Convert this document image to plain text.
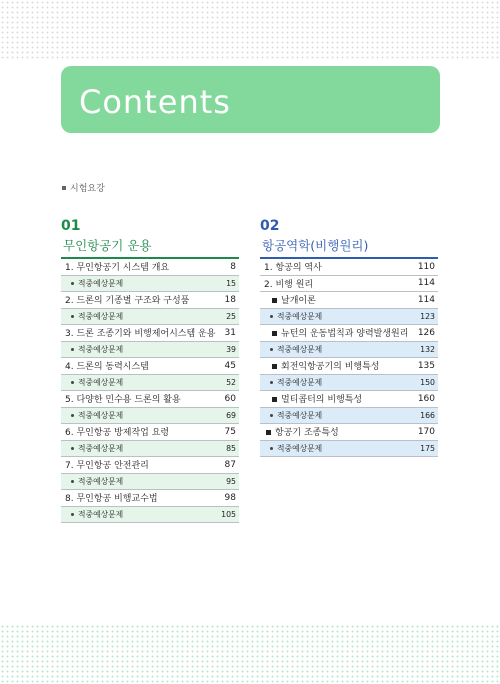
Contents
시험요강
01
무인항공기 운용
1. 무인항공기 시스템 개요	8
적중예상문제	15
2. 드론의 기종별 구조와 구성품	18
적중예상문제	25
3. 드론 조종기와 비행제어시스템 운용 31
적중예상문제	39
4. 드론의 동력시스템	45
적중예상문제	52
5. 다양한 민수용 드론의 활용	60
적중예상문제	69
6. 무인항공 방제작업 요령	75
적중예상문제	85
7. 무인항공 안전관리	87
적중예상문제	95
8. 무인항공 비행교수법	98
적중예상문제	105
02
항공역학(비행원리)
1. 항공의 역사	110
2. 비행 원리	114
날개이론	114
적중예상문제	123
뉴턴의 운동법칙과 양력발생원리 126
적중예상문제	132
회전익항공기의 비행특성	135
적중예상문제	150
멀티콥터의 비행특성	160
적중예상문제	166
항공기 조종특성	170
적중예상문제	175
